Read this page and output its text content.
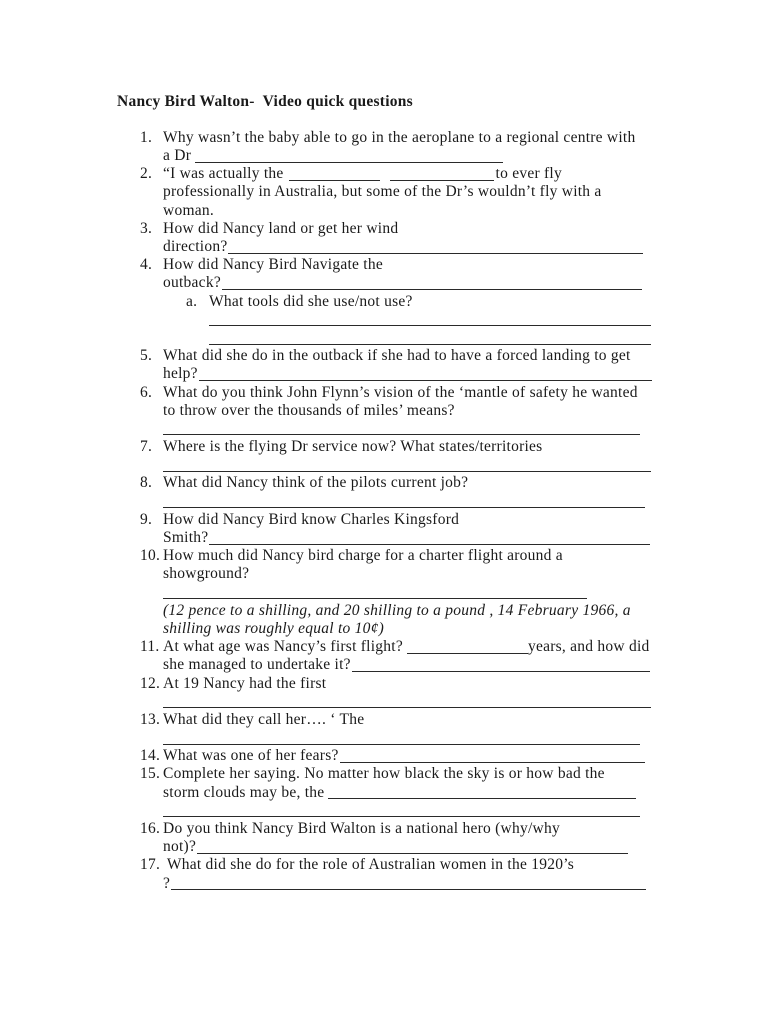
Nancy Bird Walton-  Video quick questions
1. Why wasn’t the baby able to go in the aeroplane to a regional centre with
a Dr
2. “I was actually the	to ever fly
professionally in Australia, but some of the Dr’s wouldn’t fly with a
woman.
3. How did Nancy land or get her wind
direction?
4. How did Nancy Bird Navigate the
outback?
a. What tools did she use/not use?
5. What did she do in the outback if she had to have a forced landing to get
help?
6. What do you think John Flynn’s vision of the ‘mantle of safety he wanted
to throw over the thousands of miles’ means?
7. Where is the flying Dr service now? What states/territories
8. What did Nancy think of the pilots current job?
9. How did Nancy Bird know Charles Kingsford
Smith?
10. How much did Nancy bird charge for a charter flight around a
showground?
(12 pence to a shilling, and 20 shilling to a pound , 14 February 1966, a
shilling was roughly equal to 10¢)
11. At what age was Nancy’s first flight?	years, and how did
she managed to undertake it?
12. At 19 Nancy had the first
13. What did they call her…. ‘ The
14. What was one of her fears?
15. Complete her saying. No matter how black the sky is or how bad the
storm clouds may be, the
16. Do you think Nancy Bird Walton is a national hero (why/why
not)?
17. What did she do for the role of Australian women in the 1920’s
?
